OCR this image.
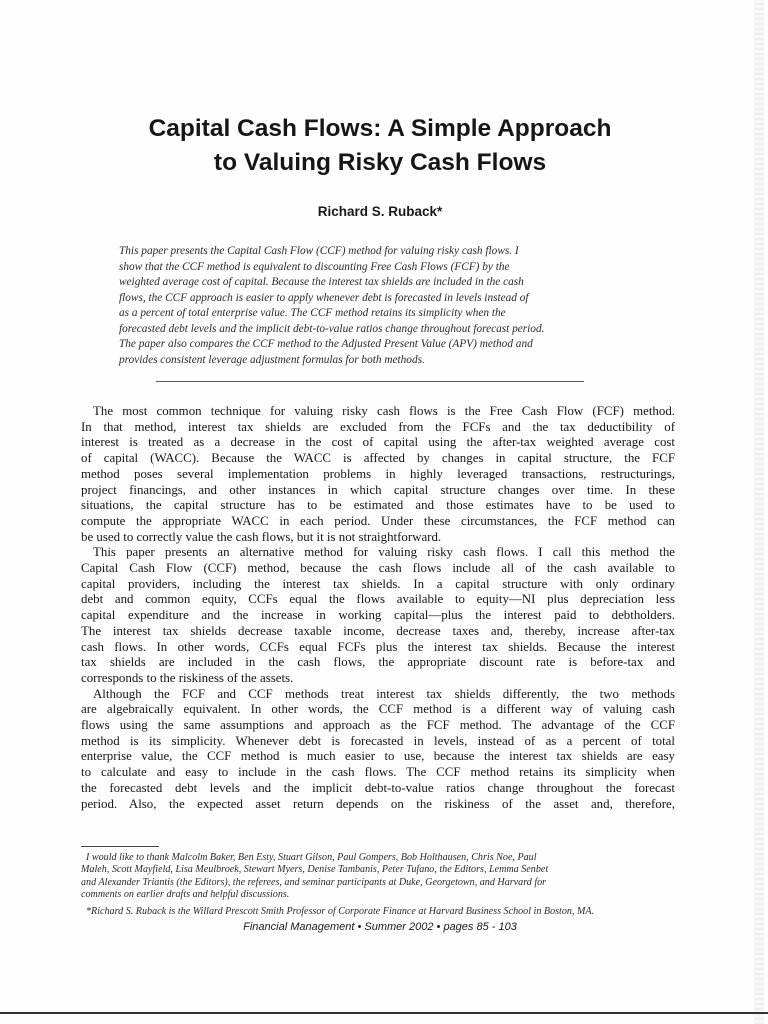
Capital Cash Flows: A Simple Approach
to Valuing Risky Cash Flows
Richard S. Ruback*

This paper presents the Capital Cash Flow (CCF) method for valuing risky cash flows. I
show that the CCF method is equivalent to discounting Free Cash Flows (FCF) by the
weighted average cost of capital. Because the interest tax shields are included in the cash
flows, the CCF approach is easier to apply whenever debt is forecasted in levels instead of
as a percent of total enterprise value. The CCF method retains its simplicity when the
forecasted debt levels and the implicit debt-to-value ratios change throughout forecast period.
The paper also compares the CCF method to the Adjusted Present Value (APV) method and
provides consistent leverage adjustment formulas for both methods.

The most common technique for valuing risky cash flows is the Free Cash Flow (FCF) method.
In that method, interest tax shields are excluded from the FCFs and the tax deductibility of
interest is treated as a decrease in the cost of capital using the after-tax weighted average cost
of capital (WACC). Because the WACC is affected by changes in capital structure, the FCF
method poses several implementation problems in highly leveraged transactions, restructurings,
project financings, and other instances in which capital structure changes over time. In these
situations, the capital structure has to be estimated and those estimates have to be used to
compute the appropriate WACC in each period. Under these circumstances, the FCF method can
be used to correctly value the cash flows, but it is not straightforward.
This paper presents an alternative method for valuing risky cash flows. I call this method the
Capital Cash Flow (CCF) method, because the cash flows include all of the cash available to
capital providers, including the interest tax shields. In a capital structure with only ordinary
debt and common equity, CCFs equal the flows available to equity—NI plus depreciation less
capital expenditure and the increase in working capital—plus the interest paid to debtholders.
The interest tax shields decrease taxable income, decrease taxes and, thereby, increase after-tax
cash flows. In other words, CCFs equal FCFs plus the interest tax shields. Because the interest
tax shields are included in the cash flows, the appropriate discount rate is before-tax and
corresponds to the riskiness of the assets.
Although the FCF and CCF methods treat interest tax shields differently, the two methods
are algebraically equivalent. In other words, the CCF method is a different way of valuing cash
flows using the same assumptions and approach as the FCF method. The advantage of the CCF
method is its simplicity. Whenever debt is forecasted in levels, instead of as a percent of total
enterprise value, the CCF method is much easier to use, because the interest tax shields are easy
to calculate and easy to include in the cash flows. The CCF method retains its simplicity when
the forecasted debt levels and the implicit debt-to-value ratios change throughout the forecast
period. Also, the expected asset return depends on the riskiness of the asset and, therefore,
I would like to thank Malcolm Baker, Ben Esty, Stuart Gilson, Paul Gompers, Bob Holthausen, Chris Noe, Paul
Maleh, Scott Mayfield, Lisa Meulbroek, Stewart Myers, Denise Tambanis, Peter Tufano, the Editors, Lemma Senbet
and Alexander Triantis (the Editors), the referees, and seminar participants at Duke, Georgetown, and Harvard for
comments on earlier drafts and helpful discussions.
*Richard S. Ruback is the Willard Prescott Smith Professor of Corporate Finance at Harvard Business School in Boston, MA.
Financial Management • Summer 2002 • pages 85 - 103
